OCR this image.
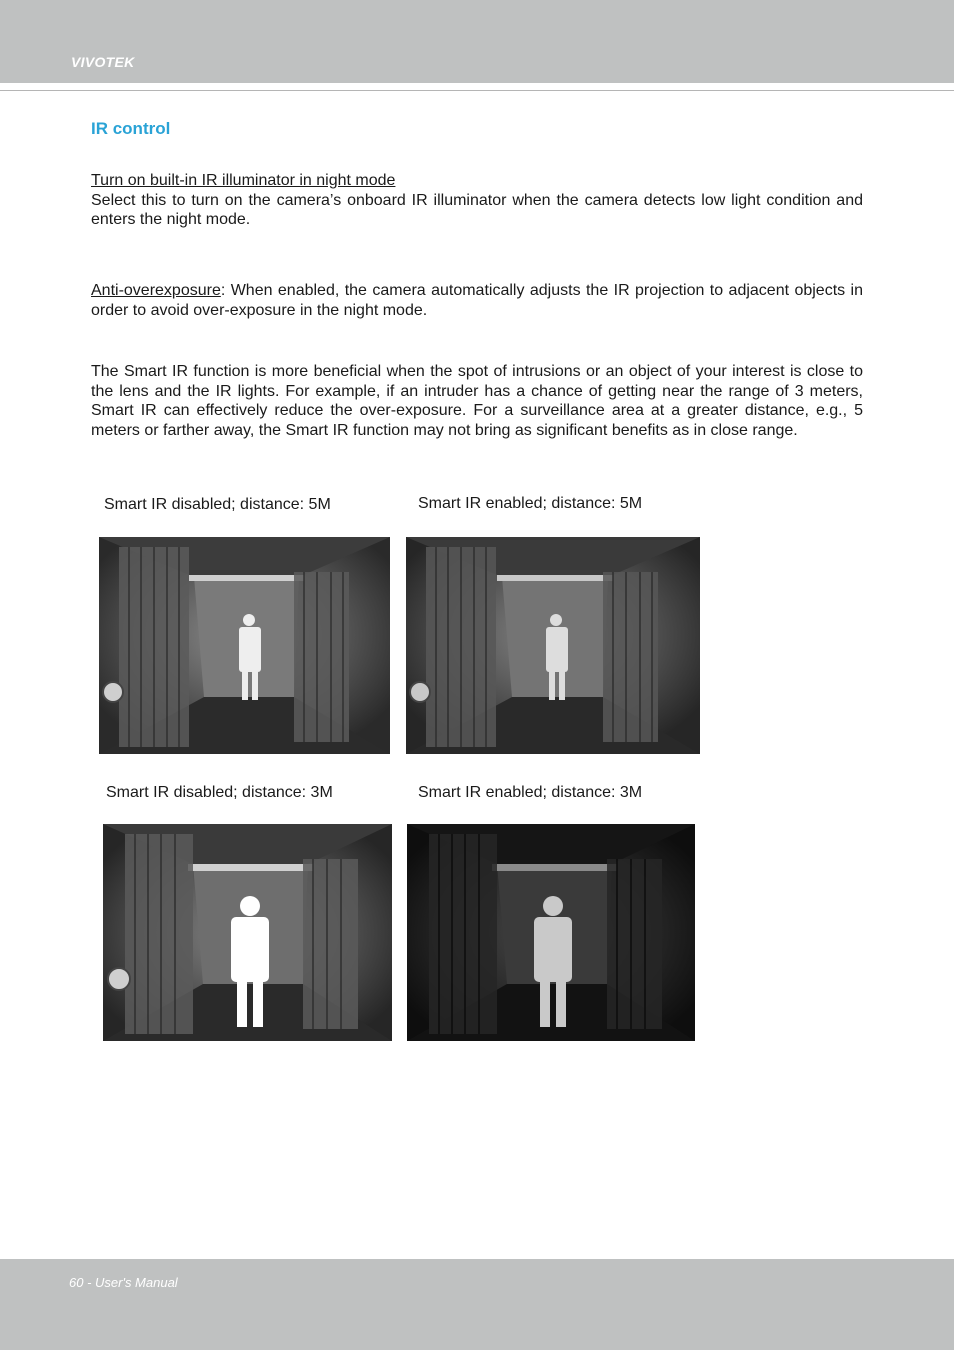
VIVOTEK
IR control
Turn on built-in IR illuminator in night mode
Select this to turn on the camera’s onboard IR illuminator when the camera detects low light condition and enters the night mode.
Anti-overexposure: When enabled, the camera automatically adjusts the IR projection to adjacent objects in order to avoid over-exposure in the night mode.
The Smart IR function is more beneficial when the spot of intrusions or an object of your interest is close to the lens and the IR lights. For example, if an intruder has a chance of getting near the range of 3 meters, Smart IR can effectively reduce the over-exposure. For a surveillance area at a greater distance, e.g., 5 meters or farther away, the Smart IR function may not bring as significant benefits as in close range.
Smart IR disabled; distance: 5M	Smart IR enabled; distance: 5M
Smart IR disabled; distance: 3M	Smart IR enabled; distance: 3M
60 - User's Manual
